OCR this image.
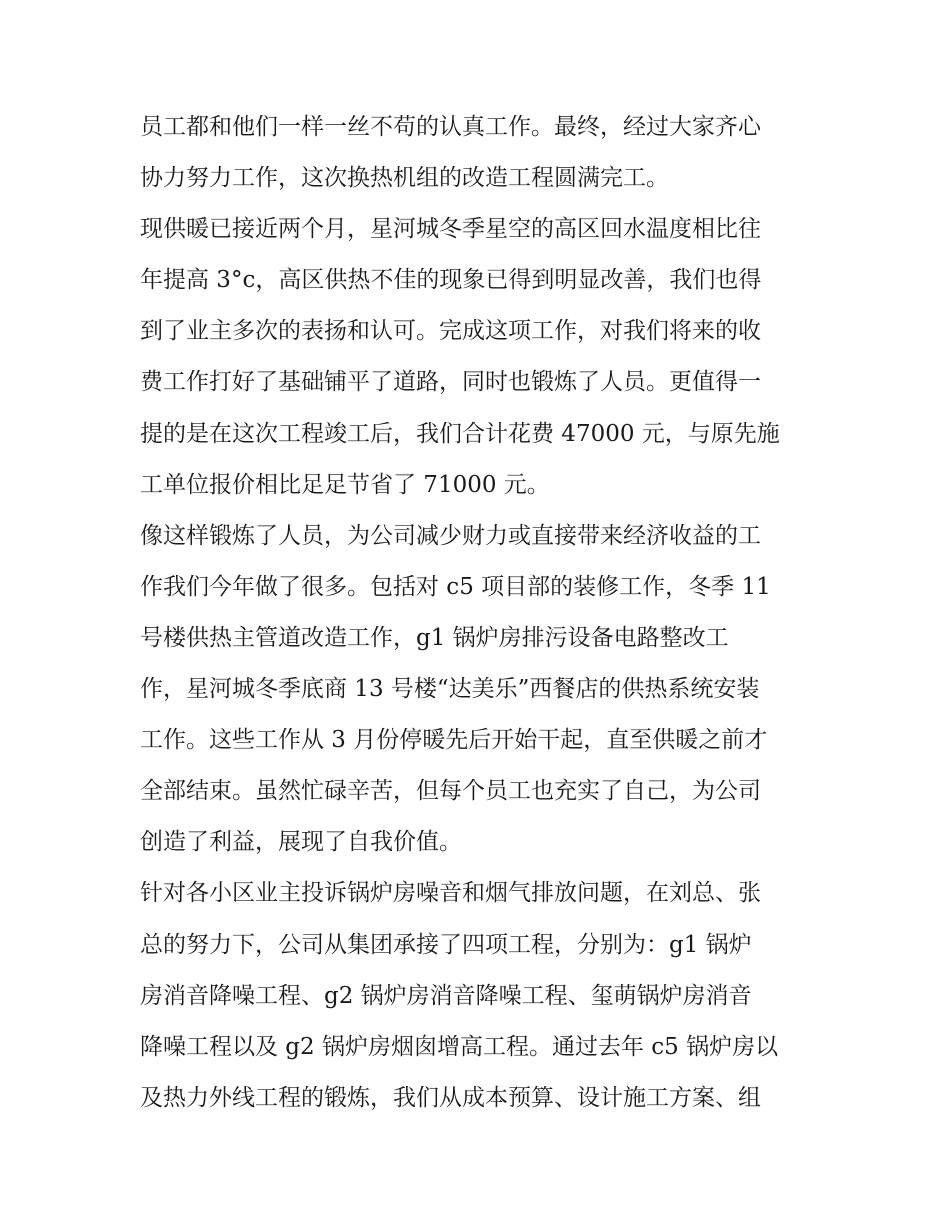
员工都和他们一样一丝不苟的认真工作。最终，经过大家齐心
协力努力工作，这次换热机组的改造工程圆满完工。
现供暖已接近两个月，星河城冬季星空的高区回水温度相比往
年提高 3°c，高区供热不佳的现象已得到明显改善，我们也得
到了业主多次的表扬和认可。完成这项工作，对我们将来的收
费工作打好了基础铺平了道路，同时也锻炼了人员。更值得一
提的是在这次工程竣工后，我们合计花费 47000 元，与原先施
工单位报价相比足足节省了 71000 元。
像这样锻炼了人员，为公司减少财力或直接带来经济收益的工
作我们今年做了很多。包括对 c5 项目部的装修工作，冬季 11
号楼供热主管道改造工作，g1 锅炉房排污设备电路整改工
作，星河城冬季底商 13 号楼“达美乐”西餐店的供热系统安装
工作。这些工作从 3 月份停暖先后开始干起，直至供暖之前才
全部结束。虽然忙碌辛苦，但每个员工也充实了自己，为公司
创造了利益，展现了自我价值。
针对各小区业主投诉锅炉房噪音和烟气排放问题，在刘总、张
总的努力下，公司从集团承接了四项工程，分别为：g1 锅炉
房消音降噪工程、g2 锅炉房消音降噪工程、玺萌锅炉房消音
降噪工程以及 g2 锅炉房烟囱增高工程。通过去年 c5 锅炉房以
及热力外线工程的锻炼，我们从成本预算、设计施工方案、组
